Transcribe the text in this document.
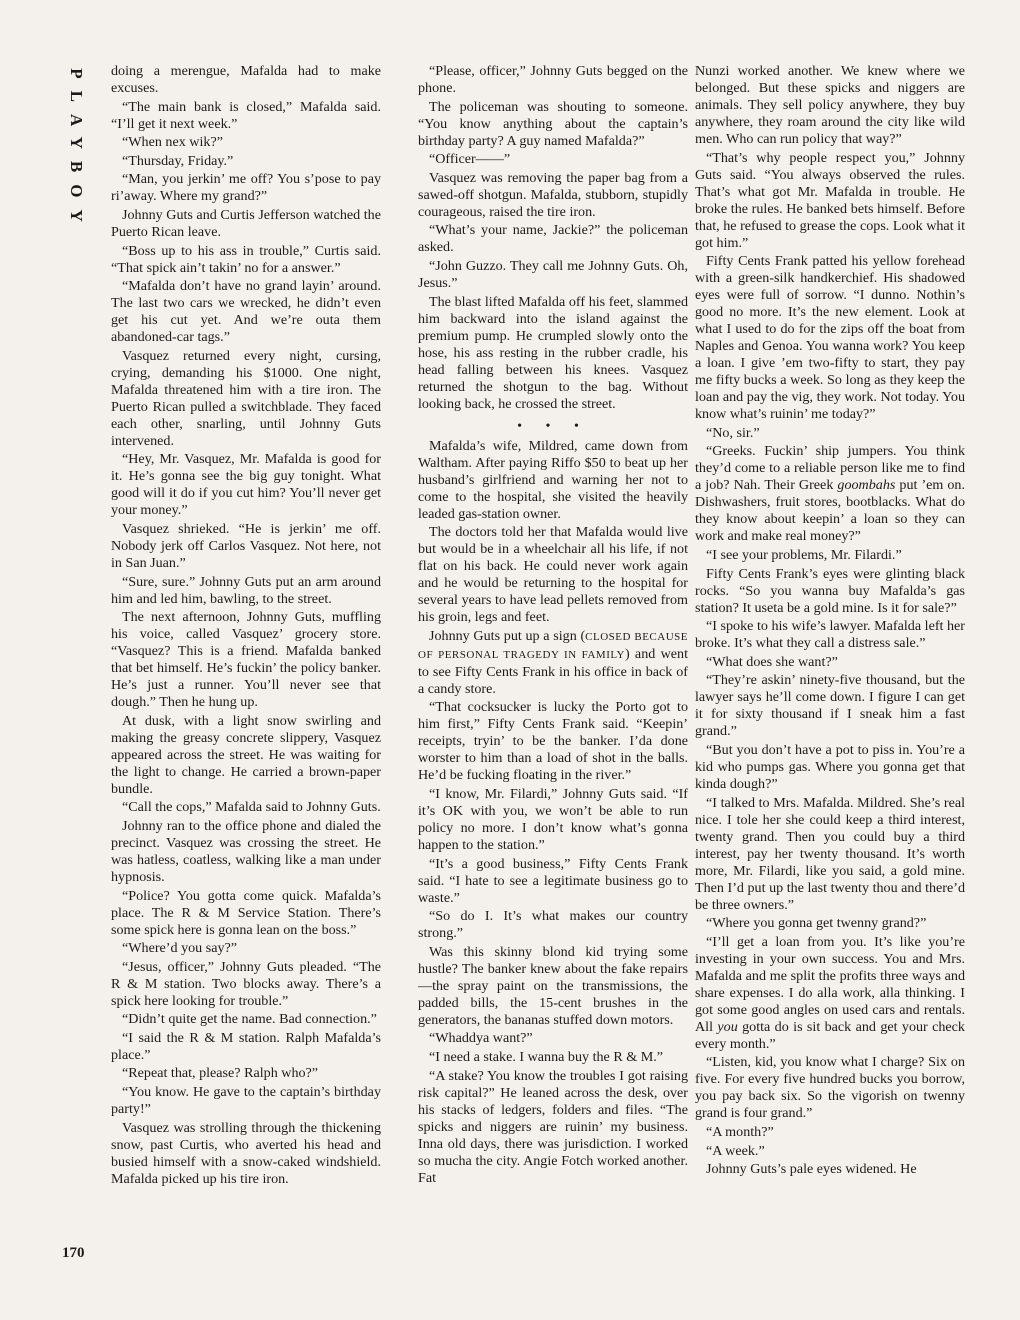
PLAYBOY doing a merengue, Mafalda had to make excuses.

“The main bank is closed,” Mafalda said. “I’ll get it next week.”

“When nex wik?”

“Thursday, Friday.”

“Man, you jerkin’ me off? You s’pose to pay ri’away. Where my grand?”

Johnny Guts and Curtis Jefferson watched the Puerto Rican leave.

“Boss up to his ass in trouble,” Curtis said. “That spick ain’t takin’ no for a answer.”

“Mafalda don’t have no grand layin’ around. The last two cars we wrecked, he didn’t even get his cut yet. And we’re outa them abandoned-car tags.”

Vasquez returned every night, cursing, crying, demanding his $1000. One night, Mafalda threatened him with a tire iron. The Puerto Rican pulled a switchblade. They faced each other, snarling, until Johnny Guts intervened.

“Hey, Mr. Vasquez, Mr. Mafalda is good for it. He’s gonna see the big guy tonight. What good will it do if you cut him? You’ll never get your money.”

Vasquez shrieked. “He is jerkin’ me off. Nobody jerk off Carlos Vasquez. Not here, not in San Juan.”

“Sure, sure.” Johnny Guts put an arm around him and led him, bawling, to the street.

The next afternoon, Johnny Guts, muffling his voice, called Vasquez’ grocery store. “Vasquez? This is a friend. Mafalda banked that bet himself. He’s fuckin’ the policy banker. He’s just a runner. You’ll never see that dough.” Then he hung up.

At dusk, with a light snow swirling and making the greasy concrete slippery, Vasquez appeared across the street. He was waiting for the light to change. He carried a brown-paper bundle.

“Call the cops,” Mafalda said to Johnny Guts.

Johnny ran to the office phone and dialed the precinct. Vasquez was crossing the street. He was hatless, coatless, walking like a man under hypnosis.

“Police? You gotta come quick. Mafalda’s place. The R & M Service Station. There’s some spick here is gonna lean on the boss.”

“Where’d you say?”

“Jesus, officer,” Johnny Guts pleaded. “The R & M station. Two blocks away. There’s a spick here looking for trouble.”

“Didn’t quite get the name. Bad connection.”

“I said the R & M station. Ralph Mafalda’s place.”

“Repeat that, please? Ralph who?”

“You know. He gave to the captain’s birthday party!”

Vasquez was strolling through the thickening snow, past Curtis, who averted his head and busied himself with a snow-caked windshield. Mafalda picked up his tire iron.

“Please, officer,” Johnny Guts begged on the phone.

The policeman was shouting to someone. “You know anything about the captain’s birthday party? A guy named Mafalda?”

“Officer——”

Vasquez was removing the paper bag from a sawed-off shotgun. Mafalda, stubborn, stupidly courageous, raised the tire iron.

“What’s your name, Jackie?” the policeman asked.

“John Guzzo. They call me Johnny Guts. Oh, Jesus.”

The blast lifted Mafalda off his feet, slammed him backward into the island against the premium pump. He crumpled slowly onto the hose, his ass resting in the rubber cradle, his head falling between his knees. Vasquez returned the shotgun to the bag. Without looking back, he crossed the street.

• • •

Mafalda’s wife, Mildred, came down from Waltham. After paying Riffo $50 to beat up her husband’s girlfriend and warning her not to come to the hospital, she visited the heavily leaded gas-station owner.

The doctors told her that Mafalda would live but would be in a wheelchair all his life, if not flat on his back. He could never work again and he would be returning to the hospital for several years to have lead pellets removed from his groin, legs and feet.

Johnny Guts put up a sign (CLOSED BECAUSE OF PERSONAL TRAGEDY IN FAMILY) and went to see Fifty Cents Frank in his office in back of a candy store.

“That cocksucker is lucky the Porto got to him first,” Fifty Cents Frank said. “Keepin’ receipts, tryin’ to be the banker. I’da done worster to him than a load of shot in the balls. He’d be fucking floating in the river.”

“I know, Mr. Filardi,” Johnny Guts said. “If it’s OK with you, we won’t be able to run policy no more. I don’t know what’s gonna happen to the station.”

“It’s a good business,” Fifty Cents Frank said. “I hate to see a legitimate business go to waste.”

“So do I. It’s what makes our country strong.”

Was this skinny blond kid trying some hustle? The banker knew about the fake repairs—the spray paint on the transmissions, the padded bills, the 15-cent brushes in the generators, the bananas stuffed down motors.

“Whaddya want?”

“I need a stake. I wanna buy the R & M.”

“A stake? You know the troubles I got raising risk capital?” He leaned across the desk, over his stacks of ledgers, folders and files. “The spicks and niggers are ruinin’ my business. Inna old days, there was jurisdiction. I worked so mucha the city. Angie Fotch worked another. Fat

Nunzi worked another. We knew where we belonged. But these spicks and niggers are animals. They sell policy anywhere, they buy anywhere, they roam around the city like wild men. Who can run policy that way?”

“That’s why people respect you,” Johnny Guts said. “You always observed the rules. That’s what got Mr. Mafalda in trouble. He broke the rules. He banked bets himself. Before that, he refused to grease the cops. Look what it got him.”

Fifty Cents Frank patted his yellow forehead with a green-silk handkerchief. His shadowed eyes were full of sorrow. “I dunno. Nothin’s good no more. It’s the new element. Look at what I used to do for the zips off the boat from Naples and Genoa. You wanna work? You keep a loan. I give ’em two-fifty to start, they pay me fifty bucks a week. So long as they keep the loan and pay the vig, they work. Not today. You know what’s ruinin’ me today?”

“No, sir.”

“Greeks. Fuckin’ ship jumpers. You think they’d come to a reliable person like me to find a job? Nah. Their Greek goombahs put ’em on. Dishwashers, fruit stores, bootblacks. What do they know about keepin’ a loan so they can work and make real money?”

“I see your problems, Mr. Filardi.”

Fifty Cents Frank’s eyes were glinting black rocks. “So you wanna buy Mafalda’s gas station? It useta be a gold mine. Is it for sale?”

“I spoke to his wife’s lawyer. Mafalda left her broke. It’s what they call a distress sale.”

“What does she want?”

“They’re askin’ ninety-five thousand, but the lawyer says he’ll come down. I figure I can get it for sixty thousand if I sneak him a fast grand.”

“But you don’t have a pot to piss in. You’re a kid who pumps gas. Where you gonna get that kinda dough?”

“I talked to Mrs. Mafalda. Mildred. She’s real nice. I tole her she could keep a third interest, twenty grand. Then you could buy a third interest, pay her twenty thousand. It’s worth more, Mr. Filardi, like you said, a gold mine. Then I’d put up the last twenty thou and there’d be three owners.”

“Where you gonna get twenny grand?”

“I’ll get a loan from you. It’s like you’re investing in your own success. You and Mrs. Mafalda and me split the profits three ways and share expenses. I do alla work, alla thinking. I got some good angles on used cars and rentals. All you gotta do is sit back and get your check every month.”

“Listen, kid, you know what I charge? Six on five. For every five hundred bucks you borrow, you pay back six. So the vigorish on twenny grand is four grand.”

“A month?”

“A week.”

Johnny Guts’s pale eyes widened. He

170
